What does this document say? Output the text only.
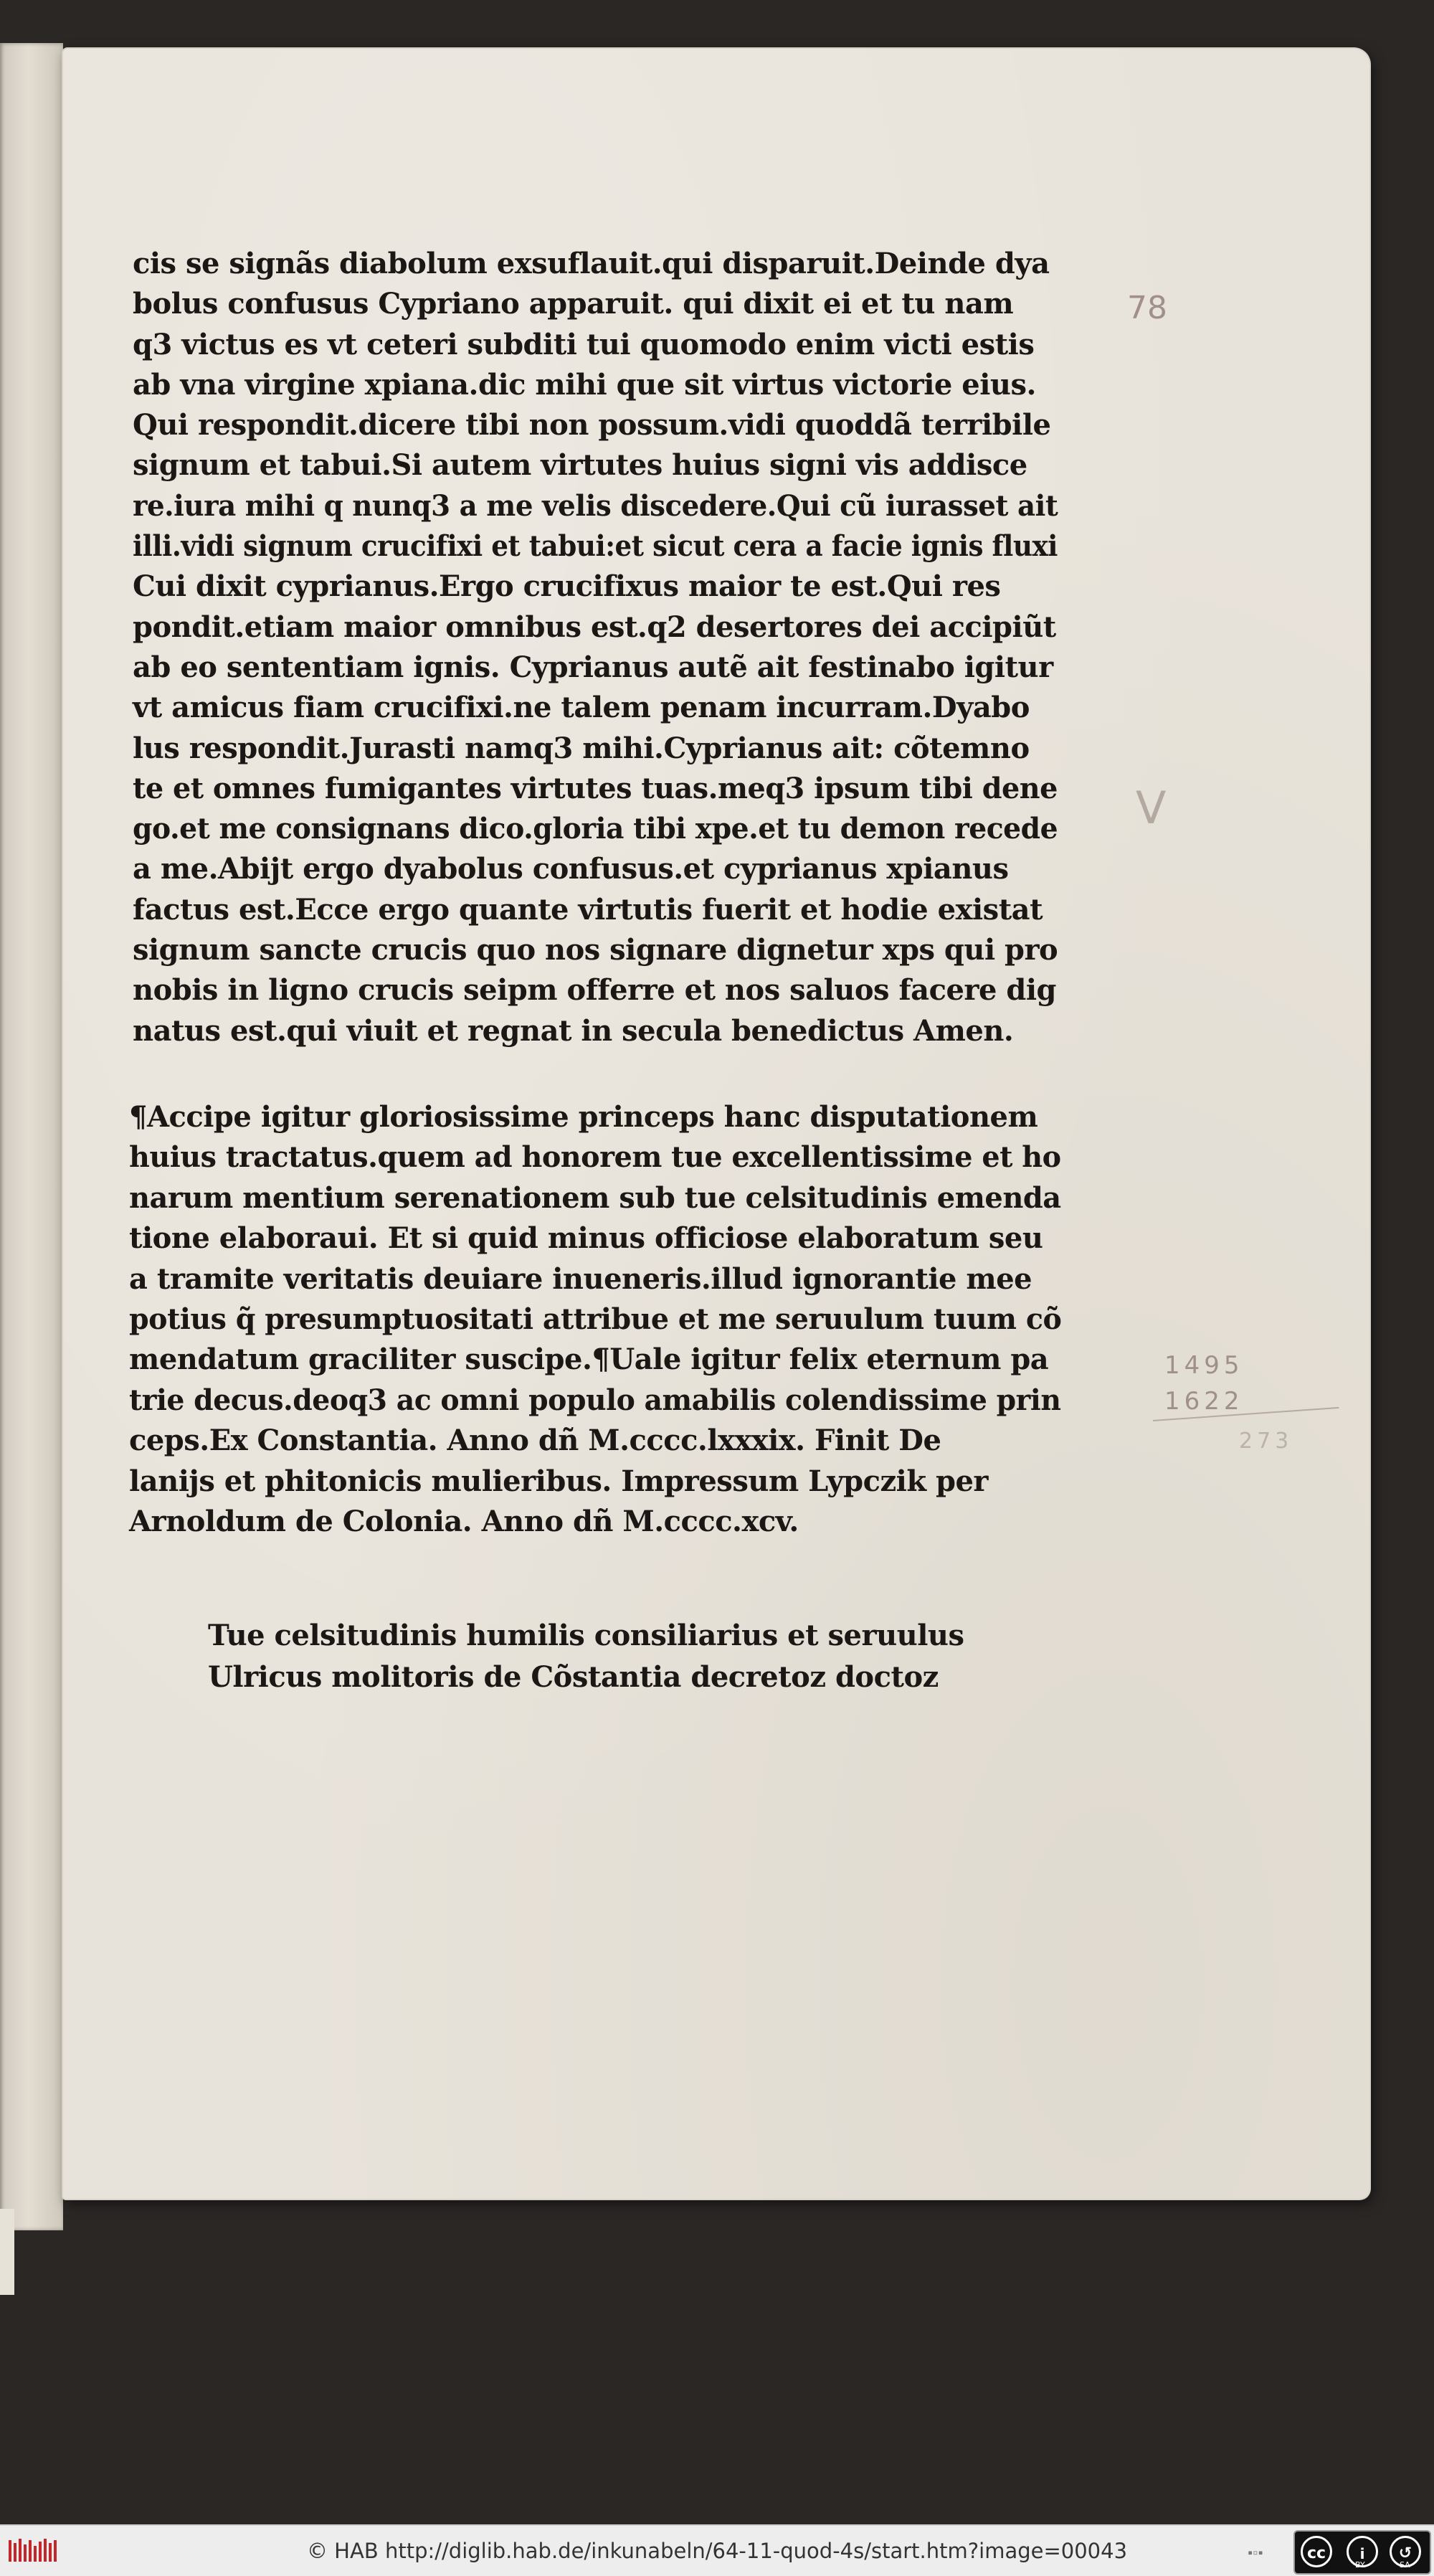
78
V
1495
1622
273
cis se signãs diabolum exsuflauit.qui disparuit.Deinde dya
bolus confusus Cypriano apparuit. qui dixit ei et tu nam
q3 victus es vt ceteri subditi tui quomodo enim victi estis
ab vna virgine xpiana.dic mihi que sit virtus victorie eius.
Qui respondit.dicere tibi non possum.vidi quoddã terribile
signum et tabui.Si autem virtutes huius signi vis addisce
re.iura mihi q nunq3 a me velis discedere.Qui cũ iurasset ait
illi.vidi signum crucifixi et tabui:et sicut cera a facie ignis fluxi
Cui dixit cyprianus.Ergo crucifixus maior te est.Qui res
pondit.etiam maior omnibus est.q2 desertores dei accipiũt
ab eo sententiam ignis. Cyprianus autẽ ait festinabo igitur
vt amicus fiam crucifixi.ne talem penam incurram.Dyabo
lus respondit.Jurasti namq3 mihi.Cyprianus ait: cõtemno
te et omnes fumigantes virtutes tuas.meq3 ipsum tibi dene
go.et me consignans dico.gloria tibi xpe.et tu demon recede
a me.Abijt ergo dyabolus confusus.et cyprianus xpianus
factus est.Ecce ergo quante virtutis fuerit et hodie existat
signum sancte crucis quo nos signare dignetur xps qui pro
nobis in ligno crucis seipm offerre et nos saluos facere dig
natus est.qui viuit et regnat in secula benedictus Amen.
¶Accipe igitur gloriosissime princeps hanc disputationem
huius tractatus.quem ad honorem tue excellentissime et ho
narum mentium serenationem sub tue celsitudinis emenda
tione elaboraui. Et si quid minus officiose elaboratum seu
a tramite veritatis deuiare inueneris.illud ignorantie mee
potius q̃ presumptuositati attribue et me seruulum tuum cõ
mendatum graciliter suscipe.¶Uale igitur felix eternum pa
trie decus.deoq3 ac omni populo amabilis colendissime prin
ceps.Ex Constantia. Anno dñ M.cccc.lxxxix. Finit De
lanijs et phitonicis mulieribus. Impressum Lypczik per
Arnoldum de Colonia. Anno dñ M.cccc.xcv.
Tue celsitudinis humilis consiliarius et seruulus
Ulricus molitoris de Cõstantia decretoz doctoz
© HAB http://diglib.hab.de/inkunabeln/64-11-quod-4s/start.htm?image=00043	▪▫▪	cc	i	↺
BY	SA
